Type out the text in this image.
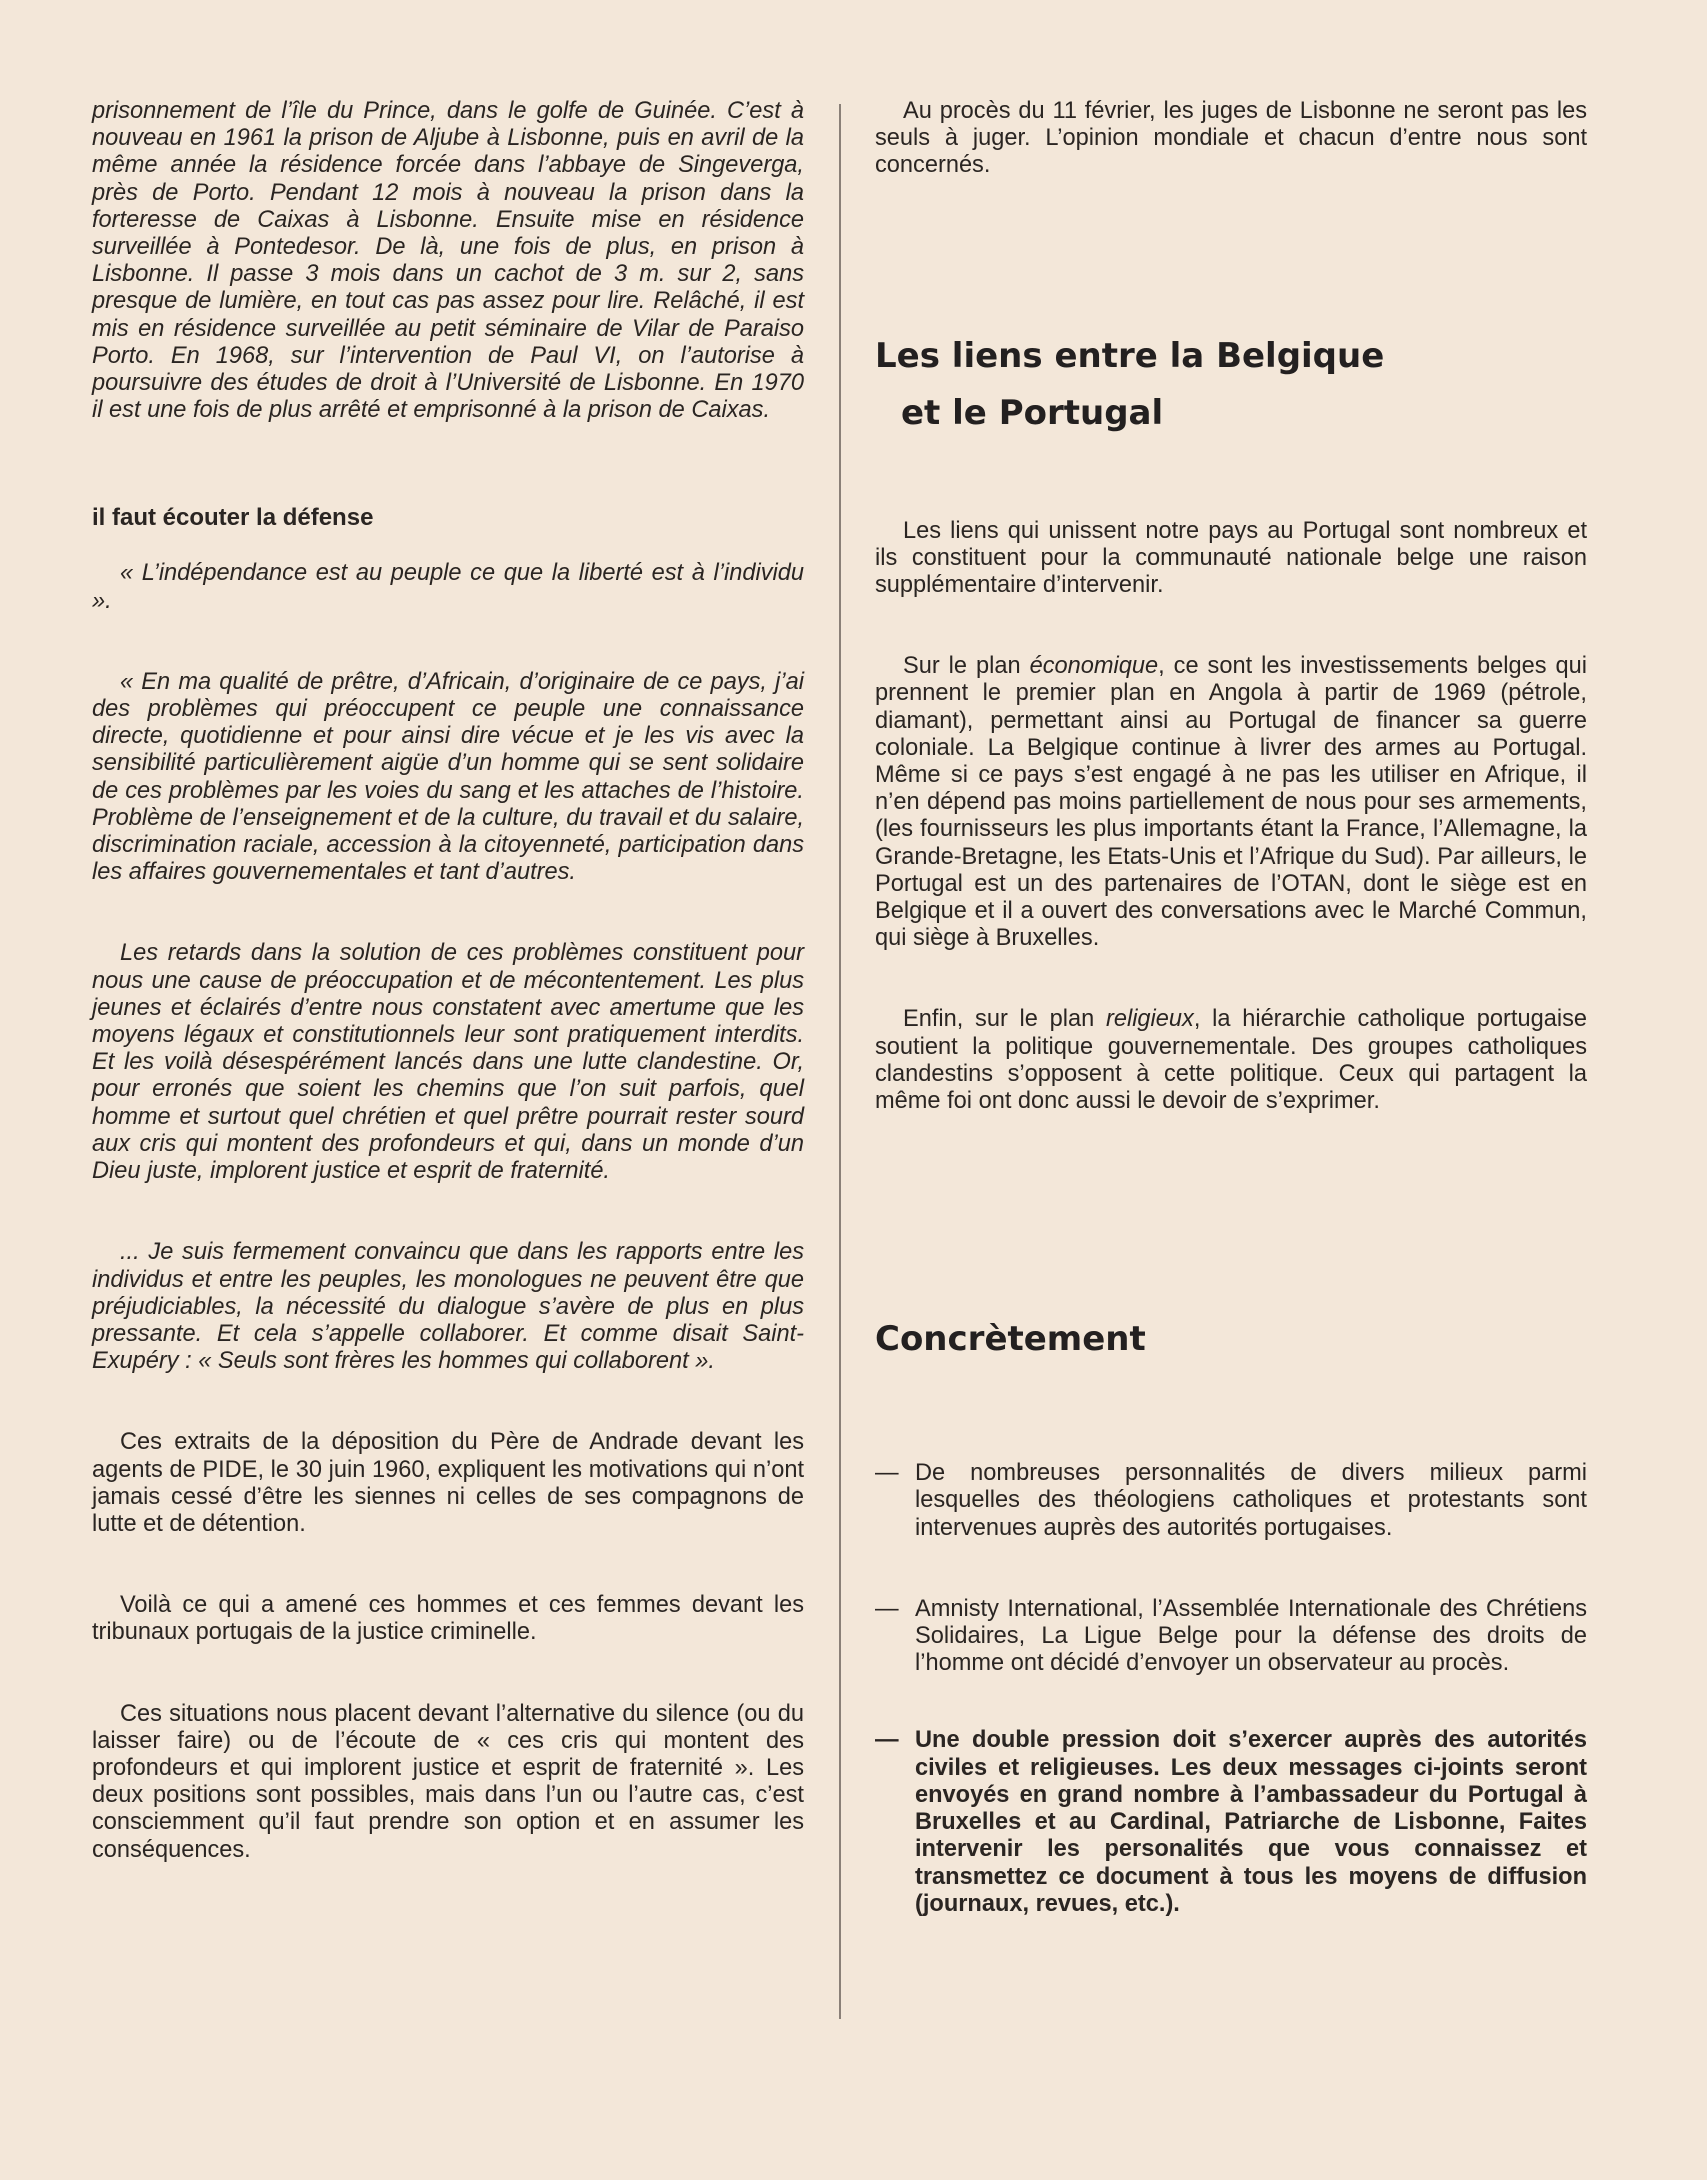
prisonnement de l’île du Prince, dans le golfe de Guinée. C’est à nouveau en 1961 la prison de Aljube à Lisbonne, puis en avril de la même année la résidence forcée dans l’abbaye de Singeverga, près de Porto. Pendant 12 mois à nouveau la prison dans la forteresse de Caixas à Lisbonne. Ensuite mise en résidence surveillée à Pontedesor. De là, une fois de plus, en prison à Lisbonne. Il passe 3 mois dans un cachot de 3 m. sur 2, sans presque de lumière, en tout cas pas assez pour lire. Relâché, il est mis en résidence surveillée au petit séminaire de Vilar de Paraiso Porto. En 1968, sur l’intervention de Paul VI, on l’autorise à poursuivre des études de droit à l’Université de Lisbonne. En 1970 il est une fois de plus arrêté et emprisonné à la prison de Caixas.

il faut écouter la défense

« L’indépendance est au peuple ce que la liberté est à l’individu ».

« En ma qualité de prêtre, d’Africain, d’originaire de ce pays, j’ai des problèmes qui préoccupent ce peuple une connaissance directe, quotidienne et pour ainsi dire vécue et je les vis avec la sensibilité particulièrement aigüe d’un homme qui se sent solidaire de ces problèmes par les voies du sang et les attaches de l’histoire. Problème de l’enseignement et de la culture, du travail et du salaire, discrimination raciale, accession à la citoyenneté, participation dans les affaires gouvernementales et tant d’autres.

Les retards dans la solution de ces problèmes constituent pour nous une cause de préoccupation et de mécontentement. Les plus jeunes et éclairés d’entre nous constatent avec amertume que les moyens légaux et constitutionnels leur sont pratiquement interdits. Et les voilà désespérément lancés dans une lutte clandestine. Or, pour erronés que soient les chemins que l’on suit parfois, quel homme et surtout quel chrétien et quel prêtre pourrait rester sourd aux cris qui montent des profondeurs et qui, dans un monde d’un Dieu juste, implorent justice et esprit de fraternité.

... Je suis fermement convaincu que dans les rapports entre les individus et entre les peuples, les monologues ne peuvent être que préjudiciables, la nécessité du dialogue s’avère de plus en plus pressante. Et cela s’appelle collaborer. Et comme disait Saint-Exupéry : « Seuls sont frères les hommes qui collaborent ».

Ces extraits de la déposition du Père de Andrade devant les agents de PIDE, le 30 juin 1960, expliquent les motivations qui n’ont jamais cessé d’être les siennes ni celles de ses compagnons de lutte et de détention.

Voilà ce qui a amené ces hommes et ces femmes devant les tribunaux portugais de la justice criminelle.

Ces situations nous placent devant l’alternative du silence (ou du laisser faire) ou de l’écoute de « ces cris qui montent des profondeurs et qui implorent justice et esprit de fraternité ». Les deux positions sont possibles, mais dans l’un ou l’autre cas, c’est consciemment qu’il faut prendre son option et en assumer les conséquences.

Au procès du 11 février, les juges de Lisbonne ne seront pas les seuls à juger. L’opinion mondiale et chacun d’entre nous sont concernés.

Les liens entre la Belgique
et le Portugal

Les liens qui unissent notre pays au Portugal sont nombreux et ils constituent pour la communauté nationale belge une raison supplémentaire d’intervenir.

Sur le plan économique, ce sont les investissements belges qui prennent le premier plan en Angola à partir de 1969 (pétrole, diamant), permettant ainsi au Portugal de financer sa guerre coloniale. La Belgique continue à livrer des armes au Portugal. Même si ce pays s’est engagé à ne pas les utiliser en Afrique, il n’en dépend pas moins partiellement de nous pour ses armements, (les fournisseurs les plus importants étant la France, l’Allemagne, la Grande-Bretagne, les Etats-Unis et l’Afrique du Sud). Par ailleurs, le Portugal est un des partenaires de l’OTAN, dont le siège est en Belgique et il a ouvert des conversations avec le Marché Commun, qui siège à Bruxelles.

Enfin, sur le plan religieux, la hiérarchie catholique portugaise soutient la politique gouvernementale. Des groupes catholiques clandestins s’opposent à cette politique. Ceux qui partagent la même foi ont donc aussi le devoir de s’exprimer.

Concrètement

— De nombreuses personnalités de divers milieux parmi lesquelles des théologiens catholiques et protestants sont intervenues auprès des autorités portugaises.

— Amnisty International, l’Assemblée Internationale des Chrétiens Solidaires, La Ligue Belge pour la défense des droits de l’homme ont décidé d’envoyer un observateur au procès.

— Une double pression doit s’exercer auprès des autorités civiles et religieuses. Les deux messages ci-joints seront envoyés en grand nombre à l’ambassadeur du Portugal à Bruxelles et au Cardinal, Patriarche de Lisbonne, Faites intervenir les personalités que vous connaissez et transmettez ce document à tous les moyens de diffusion (journaux, revues, etc.).
